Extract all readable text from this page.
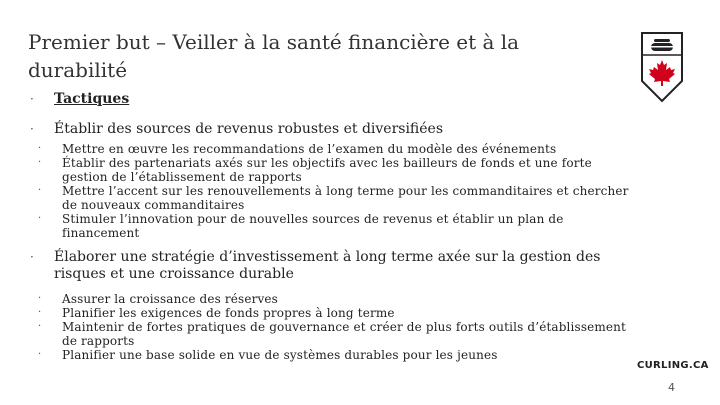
Premier but – Veiller à la santé financière et à la durabilité
· Tactiques
· Établir des sources de revenus robustes et diversifiées
· Mettre en œuvre les recommandations de l’examen du modèle des événements
· Établir des partenariats axés sur les objectifs avec les bailleurs de fonds et une forte gestion de l’établissement de rapports
· Mettre l’accent sur les renouvellements à long terme pour les commanditaires et chercher de nouveaux commanditaires
· Stimuler l’innovation pour de nouvelles sources de revenus et établir un plan de financement
· Élaborer une stratégie d’investissement à long terme axée sur la gestion des risques et une croissance durable
· Assurer la croissance des réserves
· Planifier les exigences de fonds propres à long terme
· Maintenir de fortes pratiques de gouvernance et créer de plus forts outils d’établissement de rapports
· Planifier une base solide en vue de systèmes durables pour les jeunes
CURLING.CA
4
